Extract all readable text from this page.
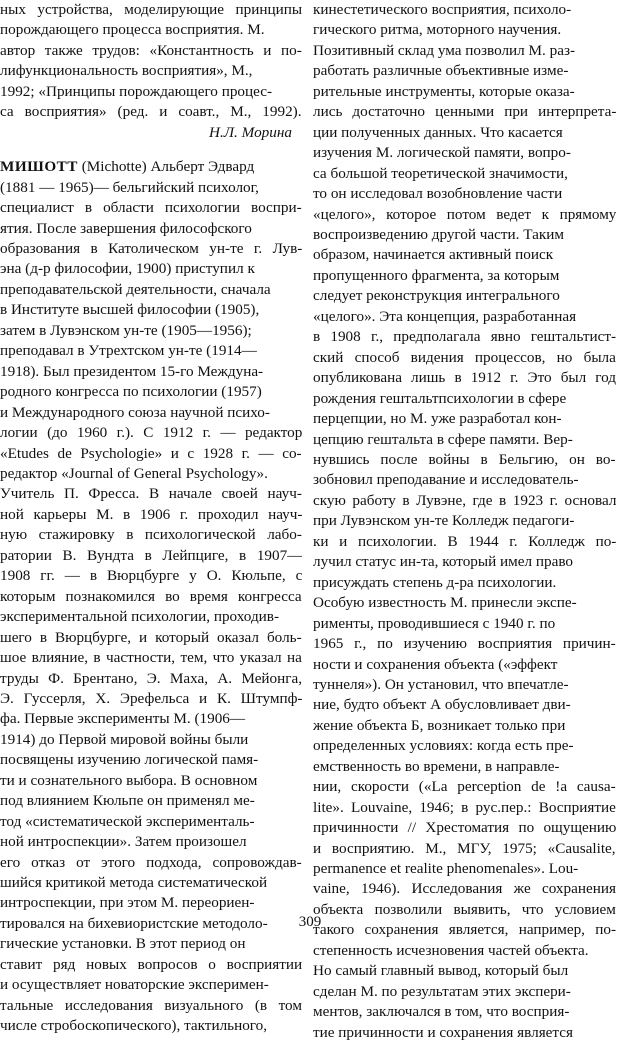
ных устройства, моделирующие принципы
порождающего процесса восприятия. М.
автор также трудов: «Константность и по-
лифункциональность восприятия», М.,
1992; «Принципы порождающего процес-
са восприятия» (ред. и соавт., М., 1992).
Н.Л. Морина
МИШОТТ (Michotte) Альберт Эдвард
(1881 — 1965)— бельгийский психолог,
специалист в области психологии воспри-
ятия. После завершения философского
образования в Католическом ун-те г. Лув-
эна (д-р философии, 1900) приступил к
преподавательской деятельности, сначала
в Институте высшей философии (1905),
затем в Лувэнском ун-те (1905—1956);
преподавал в Утрехтском ун-те (1914—
1918). Был президентом 15-го Междуна-
родного конгресса по психологии (1957)
и Международного союза научной психо-
логии (до 1960 г.). С 1912 г. — редактор
«Etudes de Psychologie» и с 1928 г. — со-
редактор «Journal of General Psychology».
Учитель П. Фресса. В начале своей науч-
ной карьеры М. в 1906 г. проходил науч-
ную стажировку в психологической лабо-
ратории В. Вундта в Лейпциге, в 1907—
1908 гг. — в Вюрцбурге у О. Кюльпе, с
которым познакомился во время конгресса
экспериментальной психологии, проходив-
шего в Вюрцбурге, и который оказал боль-
шое влияние, в частности, тем, что указал на
труды Ф. Брентано, Э. Маха, А. Мейонга,
Э. Гуссерля, Х. Эрефельса и К. Штумпф-
фа. Первые эксперименты М. (1906—
1914) до Первой мировой войны были
посвящены изучению логической памя-
ти и сознательного выбора. В основном
под влиянием Кюльпе он применял ме-
тод «систематической эксперименталь-
ной интроспекции». Затем произошел
его отказ от этого подхода, сопровождав-
шийся критикой метода систематической
интроспекции, при этом М. переориен-
тировался на бихевиористские методоло-
гические установки. В этот период он
ставит ряд новых вопросов о восприятии
и осуществляет новаторские эксперимен-
тальные исследования визуального (в том
числе стробоскопического), тактильного,
кинестетического восприятия, психоло-
гического ритма, моторного научения.
Позитивный склад ума позволил М. раз-
работать различные объективные изме-
рительные инструменты, которые оказа-
лись достаточно ценными при интерпрета-
ции полученных данных. Что касается
изучения М. логической памяти, вопро-
са большой теоретической значимости,
то он исследовал возобновление части
«целого», которое потом ведет к прямому
воспроизведению другой части. Таким
образом, начинается активный поиск
пропущенного фрагмента, за которым
следует реконструкция интегрального
«целого». Эта концепция, разработанная
в 1908 г., предполагала явно гештальтист-
ский способ видения процессов, но была
опубликована лишь в 1912 г. Это был год
рождения гештальтпсихологии в сфере
перцепции, но М. уже разработал кон-
цепцию гештальта в сфере памяти. Вер-
нувшись после войны в Бельгию, он во-
зобновил преподавание и исследователь-
скую работу в Лувэне, где в 1923 г. основал
при Лувэнском ун-те Колледж педагоги-
ки и психологии. В 1944 г. Колледж по-
лучил статус ин-та, который имел право
присуждать степень д-ра психологии.
Особую известность М. принесли экспе-
рименты, проводившиеся с 1940 г. по
1965 г., по изучению восприятия причин-
ности и сохранения объекта («эффект
туннеля»). Он установил, что впечатле-
ние, будто объект А обусловливает дви-
жение объекта Б, возникает только при
определенных условиях: когда есть пре-
емственность во времени, в направле-
нии, скорости («La perception de !a causa-
lite». Louvaine, 1946; в рус.пер.: Восприятие
причинности // Хрестоматия по ощущению
и восприятию. М., МГУ, 1975; «Causalite,
permanence et realite phenomenales». Lou-
vaine, 1946). Исследования же сохранения
объекта позволили выявить, что условием
такого сохранения является, например, по-
степенность исчезновения частей объекта.
Но самый главный вывод, который был
сделан М. по результатам этих экспери-
ментов, заключался в том, что восприя-
тие причинности и сохранения является
309
